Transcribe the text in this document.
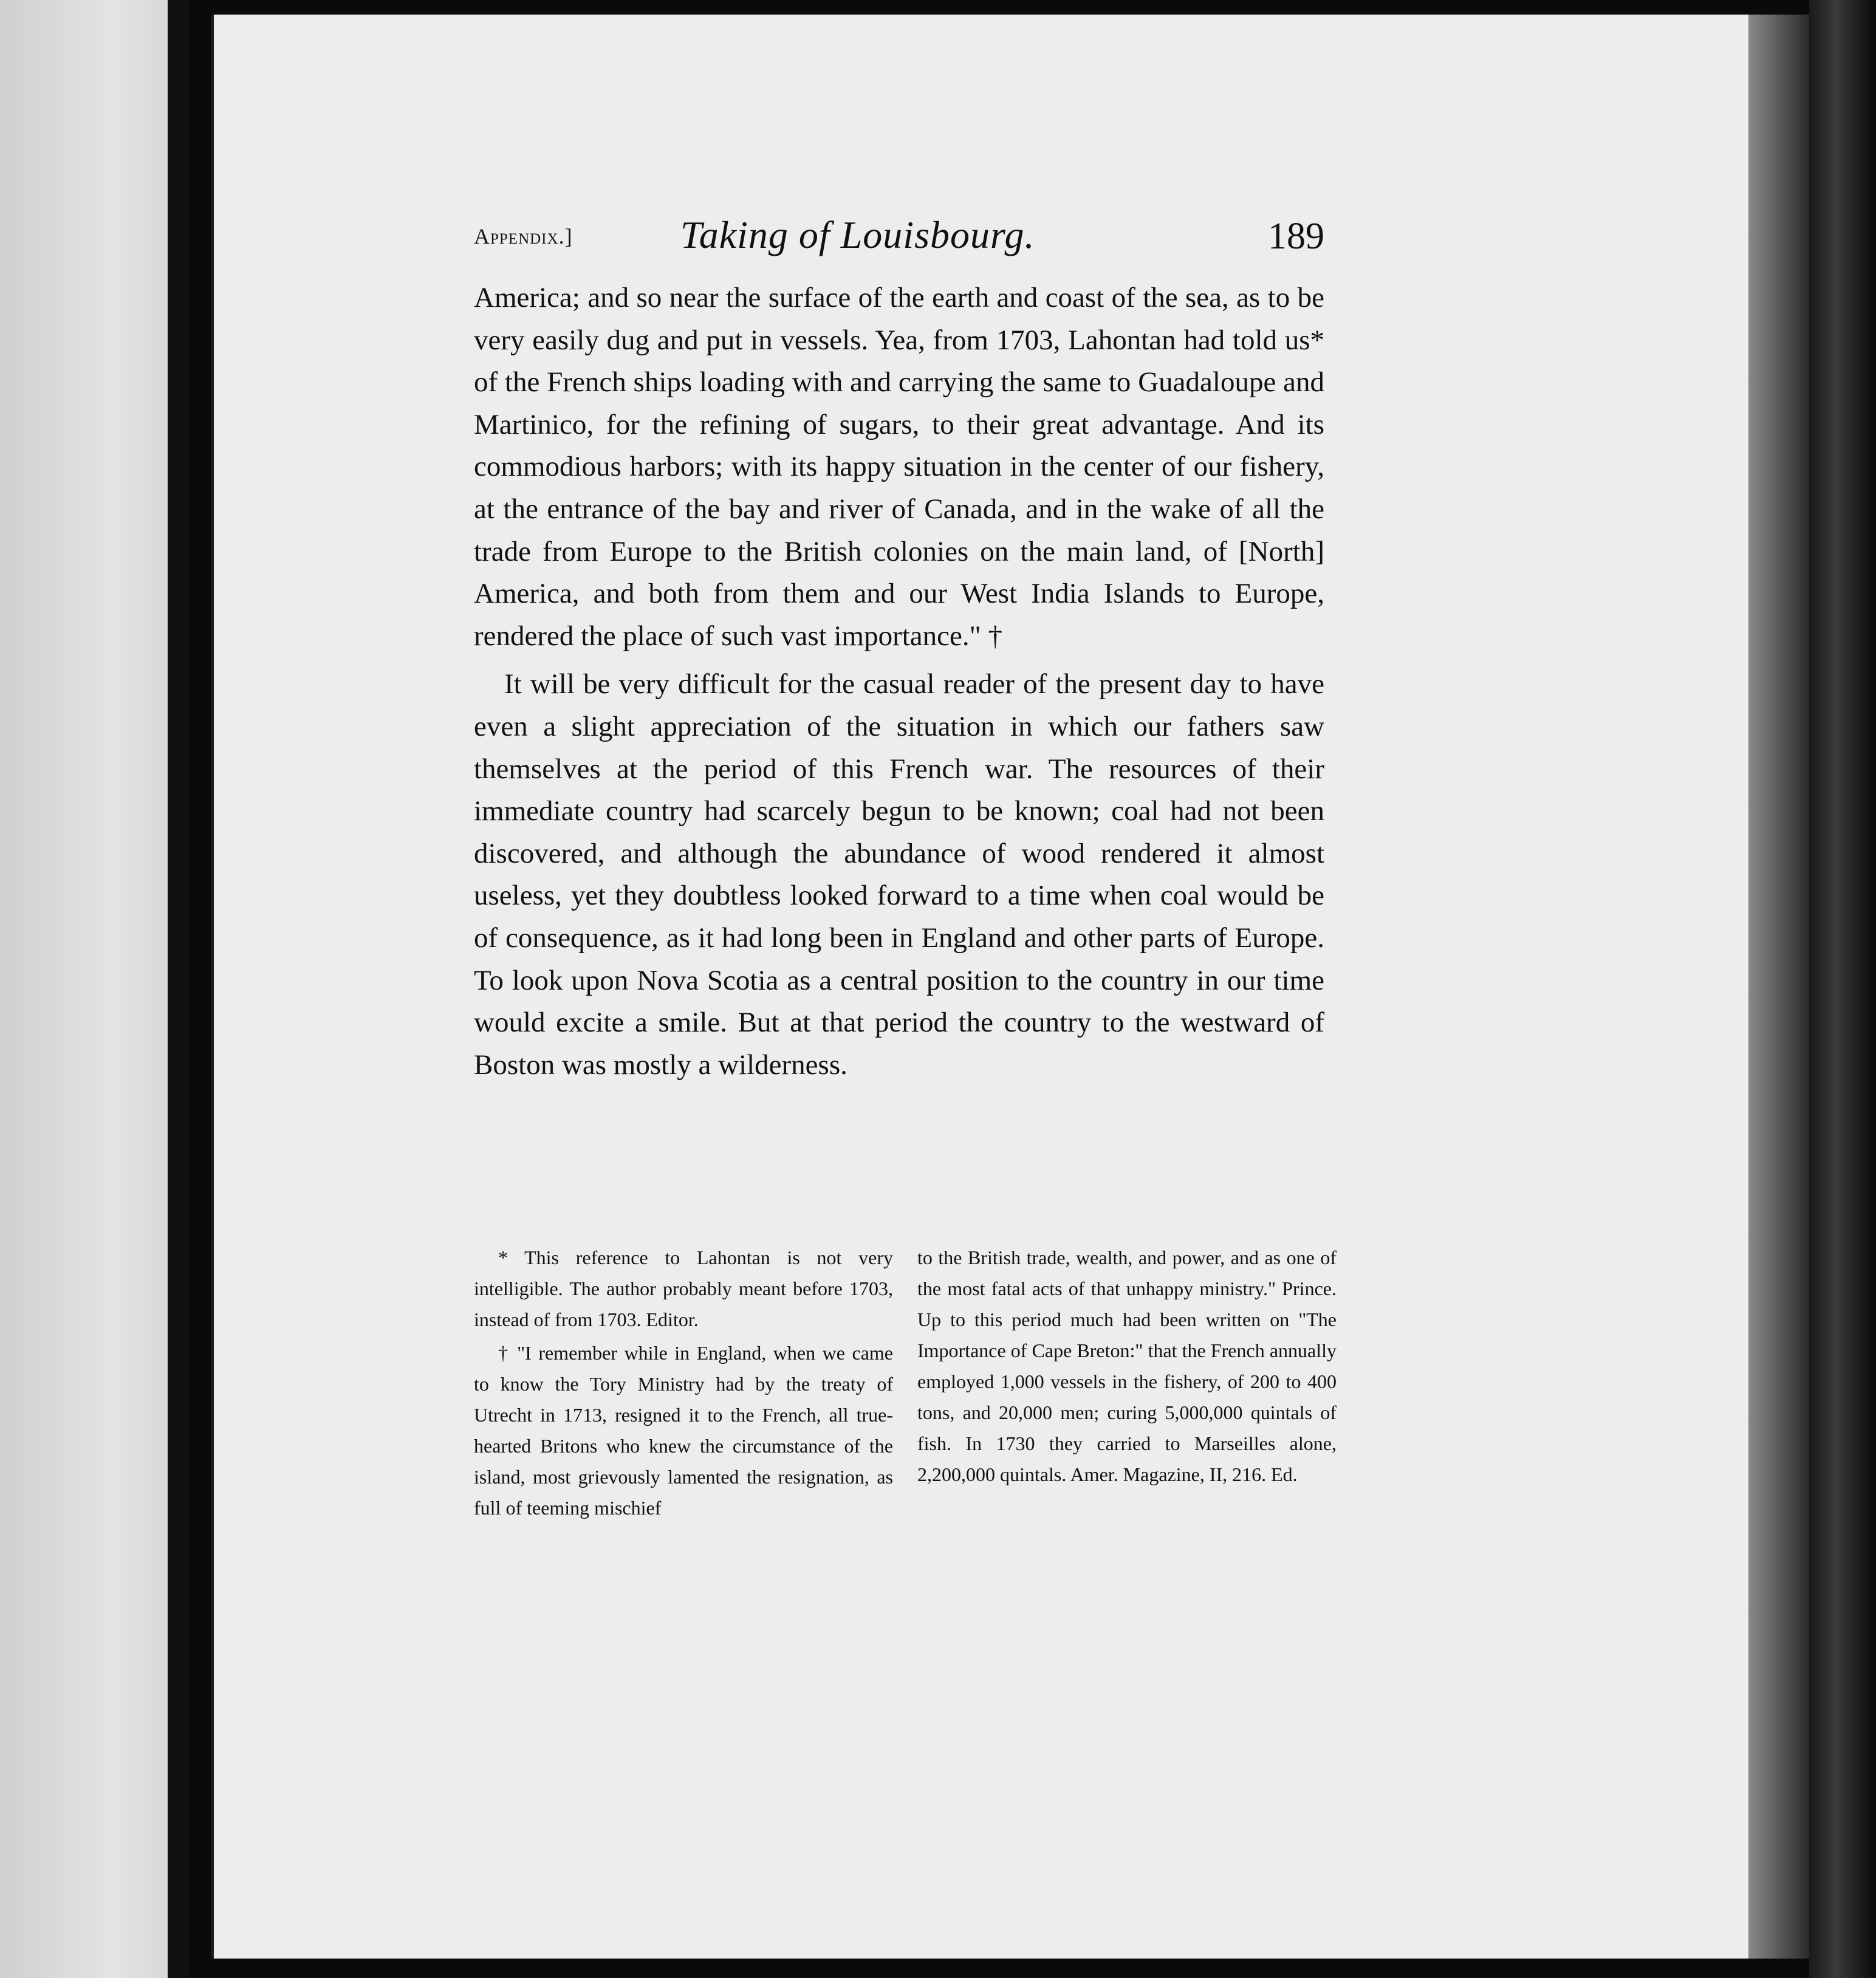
Appendix.]	Taking of Louisbourg.	189

America; and so near the surface of the earth and coast of the sea, as to be very easily dug and put in vessels. Yea, from 1703, Lahontan had told us* of the French ships loading with and carrying the same to Guadaloupe and Martinico, for the refining of sugars, to their great advantage. And its commodious harbors; with its happy situation in the center of our fishery, at the entrance of the bay and river of Canada, and in the wake of all the trade from Europe to the British colonies on the main land, of [North] America, and both from them and our West India Islands to Europe, rendered the place of such vast importance." †

It will be very difficult for the casual reader of the present day to have even a slight appreciation of the situation in which our fathers saw themselves at the period of this French war. The resources of their immediate country had scarcely begun to be known; coal had not been discovered, and although the abundance of wood rendered it almost useless, yet they doubtless looked forward to a time when coal would be of consequence, as it had long been in England and other parts of Europe. To look upon Nova Scotia as a central position to the country in our time would excite a smile. But at that period the country to the westward of Boston was mostly a wilderness.

* This reference to Lahontan is not very intelligible. The author probably meant before 1703, instead of from 1703. Editor.

† "I remember while in England, when we came to know the Tory Ministry had by the treaty of Utrecht in 1713, resigned it to the French, all true-hearted Britons who knew the circumstance of the island, most grievously lamented the resignation, as full of teeming mischief

to the British trade, wealth, and power, and as one of the most fatal acts of that unhappy ministry." Prince. Up to this period much had been written on "The Importance of Cape Breton:" that the French annually employed 1,000 vessels in the fishery, of 200 to 400 tons, and 20,000 men; curing 5,000,000 quintals of fish. In 1730 they carried to Marseilles alone, 2,200,000 quintals. Amer. Magazine, II, 216. Ed.
